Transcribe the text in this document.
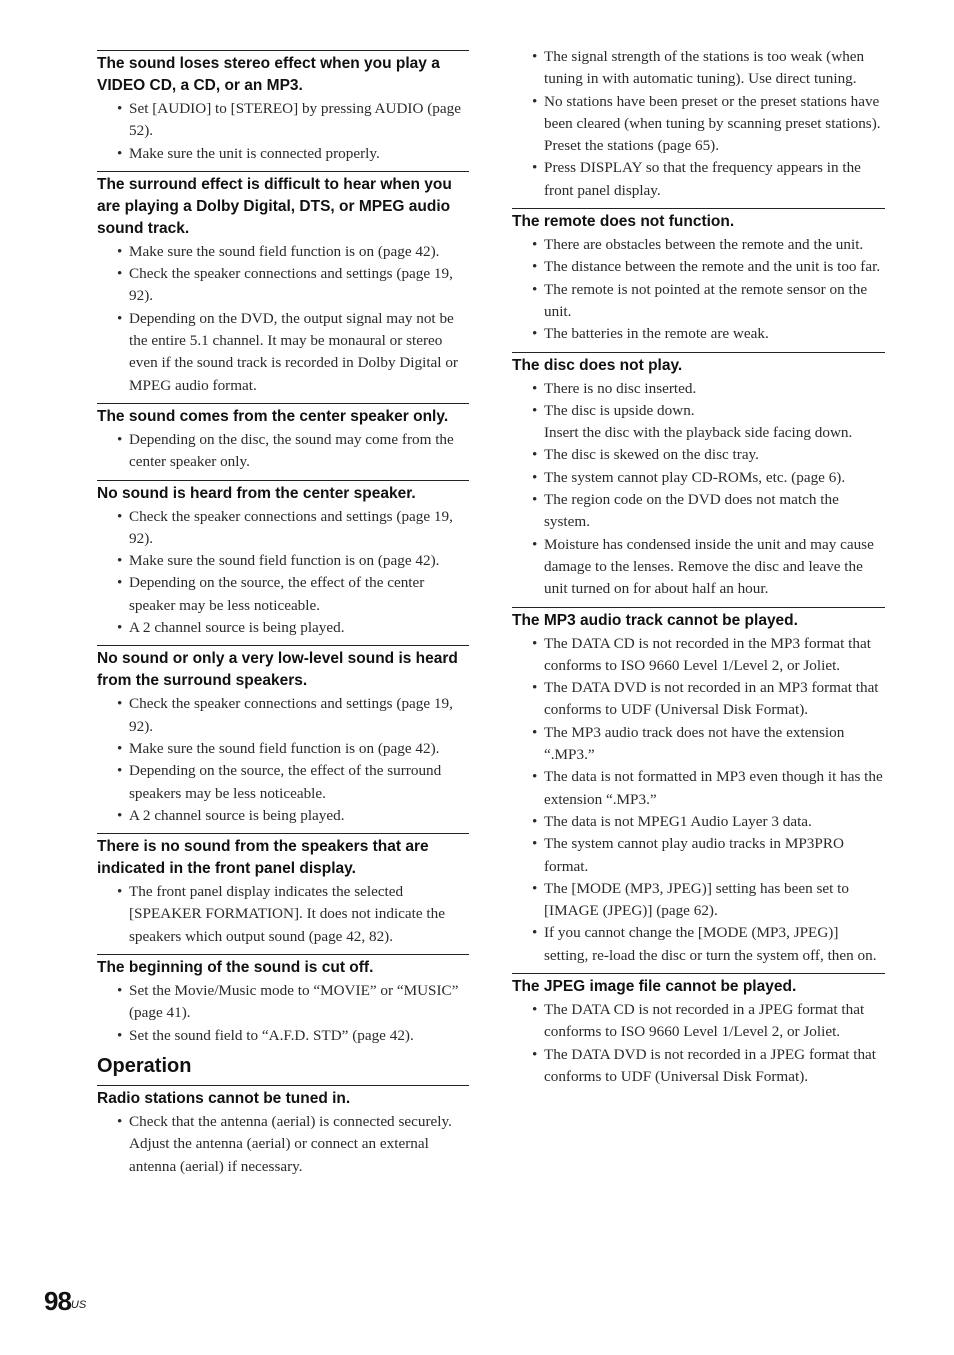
The sound loses stereo effect when you play a VIDEO CD, a CD, or an MP3.
• Set [AUDIO] to [STEREO] by pressing AUDIO (page 52).
• Make sure the unit is connected properly.
The surround effect is difficult to hear when you are playing a Dolby Digital, DTS, or MPEG audio sound track.
• Make sure the sound field function is on (page 42).
• Check the speaker connections and settings (page 19, 92).
• Depending on the DVD, the output signal may not be the entire 5.1 channel. It may be monaural or stereo even if the sound track is recorded in Dolby Digital or MPEG audio format.
The sound comes from the center speaker only.
• Depending on the disc, the sound may come from the center speaker only.
No sound is heard from the center speaker.
• Check the speaker connections and settings (page 19, 92).
• Make sure the sound field function is on (page 42).
• Depending on the source, the effect of the center speaker may be less noticeable.
• A 2 channel source is being played.
No sound or only a very low-level sound is heard from the surround speakers.
• Check the speaker connections and settings (page 19, 92).
• Make sure the sound field function is on (page 42).
• Depending on the source, the effect of the surround speakers may be less noticeable.
• A 2 channel source is being played.
There is no sound from the speakers that are indicated in the front panel display.
• The front panel display indicates the selected [SPEAKER FORMATION]. It does not indicate the speakers which output sound (page 42, 82).
The beginning of the sound is cut off.
• Set the Movie/Music mode to “MOVIE” or “MUSIC” (page 41).
• Set the sound field to “A.F.D. STD” (page 42).
Operation
Radio stations cannot be tuned in.
• Check that the antenna (aerial) is connected securely. Adjust the antenna (aerial) or connect an external antenna (aerial) if necessary.
• The signal strength of the stations is too weak (when tuning in with automatic tuning). Use direct tuning.
• No stations have been preset or the preset stations have been cleared (when tuning by scanning preset stations). Preset the stations (page 65).
• Press DISPLAY so that the frequency appears in the front panel display.
The remote does not function.
• There are obstacles between the remote and the unit.
• The distance between the remote and the unit is too far.
• The remote is not pointed at the remote sensor on the unit.
• The batteries in the remote are weak.
The disc does not play.
• There is no disc inserted.
• The disc is upside down.
Insert the disc with the playback side facing down.
• The disc is skewed on the disc tray.
• The system cannot play CD-ROMs, etc. (page 6).
• The region code on the DVD does not match the system.
• Moisture has condensed inside the unit and may cause damage to the lenses. Remove the disc and leave the unit turned on for about half an hour.
The MP3 audio track cannot be played.
• The DATA CD is not recorded in the MP3 format that conforms to ISO 9660 Level 1/Level 2, or Joliet.
• The DATA DVD is not recorded in an MP3 format that conforms to UDF (Universal Disk Format).
• The MP3 audio track does not have the extension “.MP3.”
• The data is not formatted in MP3 even though it has the extension “.MP3.”
• The data is not MPEG1 Audio Layer 3 data.
• The system cannot play audio tracks in MP3PRO format.
• The [MODE (MP3, JPEG)] setting has been set to [IMAGE (JPEG)] (page 62).
• If you cannot change the [MODE (MP3, JPEG)] setting, re-load the disc or turn the system off, then on.
The JPEG image file cannot be played.
• The DATA CD is not recorded in a JPEG format that conforms to ISO 9660 Level 1/Level 2, or Joliet.
• The DATA DVD is not recorded in a JPEG format that conforms to UDF (Universal Disk Format).
$98^{US}$
